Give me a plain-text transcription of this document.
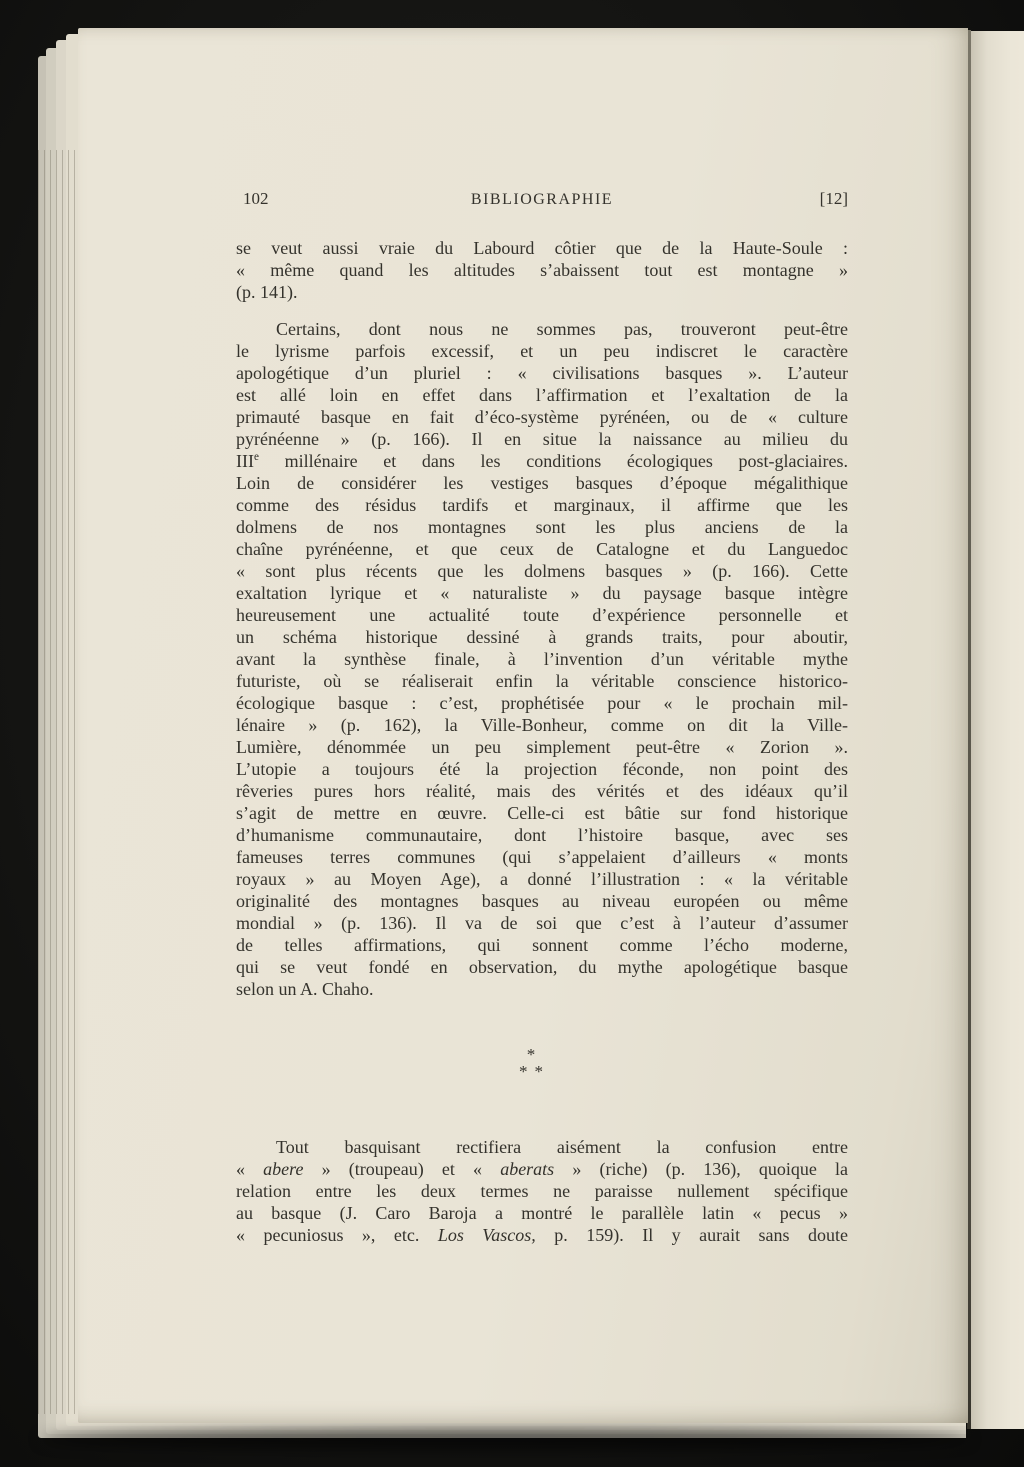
102	BIBLIOGRAPHIE	[12]
se veut aussi vraie du Labourd côtier que de la Haute-Soule :
« même quand les altitudes s’abaissent tout est montagne »
(p. 141).
Certains, dont nous ne sommes pas, trouveront peut-être
le lyrisme parfois excessif, et un peu indiscret le caractère
apologétique d’un pluriel : « civilisations basques ». L’auteur
est allé loin en effet dans l’affirmation et l’exaltation de la
primauté basque en fait d’éco-système pyrénéen, ou de « culture
pyrénéenne » (p. 166). Il en situe la naissance au milieu du
IIIe millénaire et dans les conditions écologiques post-glaciaires.
Loin de considérer les vestiges basques d’époque mégalithique
comme des résidus tardifs et marginaux, il affirme que les
dolmens de nos montagnes sont les plus anciens de la
chaîne pyrénéenne, et que ceux de Catalogne et du Languedoc
« sont plus récents que les dolmens basques » (p. 166). Cette
exaltation lyrique et « naturaliste » du paysage basque intègre
heureusement une actualité toute d’expérience personnelle et
un schéma historique dessiné à grands traits, pour aboutir,
avant la synthèse finale, à l’invention d’un véritable mythe
futuriste, où se réaliserait enfin la véritable conscience historico-
écologique basque : c’est, prophétisée pour « le prochain mil-
lénaire » (p. 162), la Ville-Bonheur, comme on dit la Ville-
Lumière, dénommée un peu simplement peut-être « Zorion ».
L’utopie a toujours été la projection féconde, non point des
rêveries pures hors réalité, mais des vérités et des idéaux qu’il
s’agit de mettre en œuvre. Celle-ci est bâtie sur fond historique
d’humanisme communautaire, dont l’histoire basque, avec ses
fameuses terres communes (qui s’appelaient d’ailleurs « monts
royaux » au Moyen Age), a donné l’illustration : « la véritable
originalité des montagnes basques au niveau européen ou même
mondial » (p. 136). Il va de soi que c’est à l’auteur d’assumer
de telles affirmations, qui sonnent comme l’écho moderne,
qui se veut fondé en observation, du mythe apologétique basque
selon un A. Chaho.
*
**
Tout basquisant rectifiera aisément la confusion entre
« abere » (troupeau) et « aberats » (riche) (p. 136), quoique la
relation entre les deux termes ne paraisse nullement spécifique
au basque (J. Caro Baroja a montré le parallèle latin « pecus »
« pecuniosus », etc. Los Vascos, p. 159). Il y aurait sans doute
